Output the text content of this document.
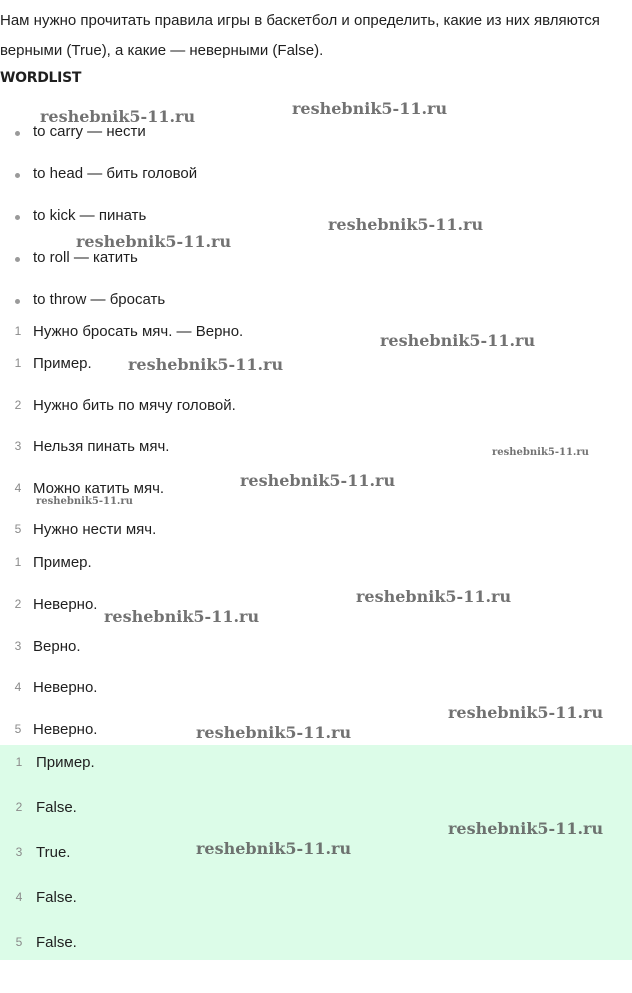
Нам нужно прочитать правила игры в баскетбол и определить, какие из них являются верными (True), а какие — неверными (False).

WORDLIST
to carry — нести
to head — бить головой
to kick — пинать
to roll — катить
to throw — бросать
1 Нужно бросать мяч. — Верно.
1 Пример.
2 Нужно бить по мячу головой.
3 Нельзя пинать мяч.
4 Можно катить мяч.
5 Нужно нести мяч.
1 Пример.
2 Неверно.
3 Верно.
4 Неверно.
5 Неверно.
1 Пример.
2 False.
3 True.
4 False.
5 False.
reshebnik5-11.ru	reshebnik5-11.ru
reshebnik5-11.ru
reshebnik5-11.ru
reshebnik5-11.ru
reshebnik5-11.ru
reshebnik5-11.ru
reshebnik5-11.ru
reshebnik5-11.ru
reshebnik5-11.ru
reshebnik5-11.ru
reshebnik5-11.ru
reshebnik5-11.ru
reshebnik5-11.ru
reshebnik5-11.ru
